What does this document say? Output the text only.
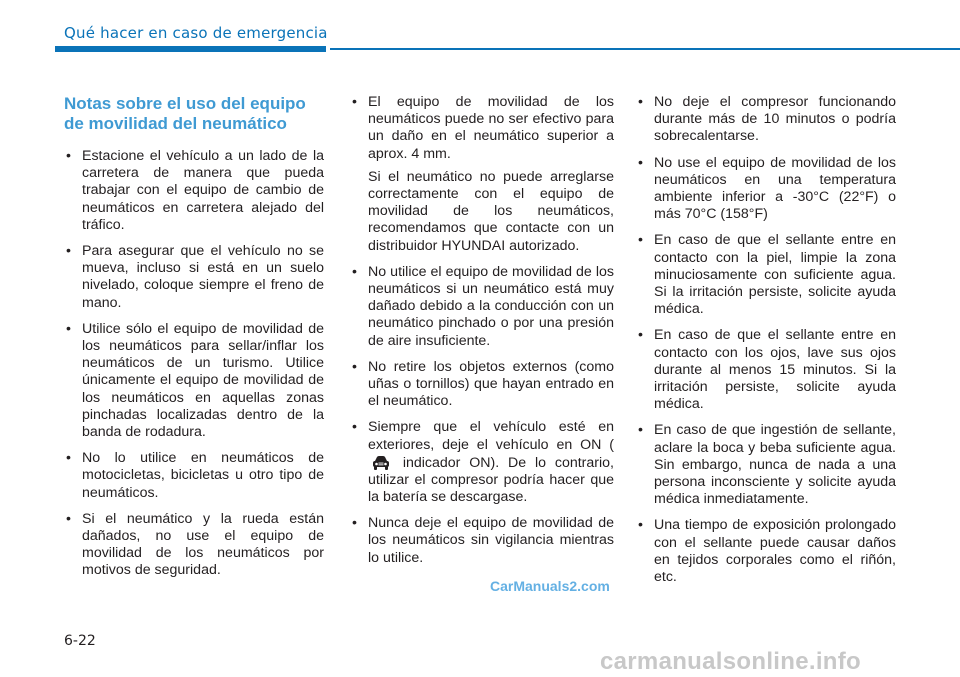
Qué hacer en caso de emergencia
Notas sobre el uso del equipo de movilidad del neumático
• Estacione el vehículo a un lado de la carretera de manera que pueda trabajar con el equipo de cambio de neumáticos en carretera alejado del tráfico.
• Para asegurar que el vehículo no se mueva, incluso si está en un suelo nivelado, coloque siempre el freno de mano.
• Utilice sólo el equipo de movilidad de los neumáticos para sellar/inflar los neumáticos de un turismo. Utilice únicamente el equipo de movilidad de los neumáticos en aquellas zonas pinchadas localizadas dentro de la banda de rodadura.
• No lo utilice en neumáticos de motocicletas, bicicletas u otro tipo de neumáticos.
• Si el neumático y la rueda están dañados, no use el equipo de movilidad de los neumáticos por motivos de seguridad.
• El equipo de movilidad de los neumáticos puede no ser efectivo para un daño en el neumático superior a aprox. 4 mm.

Si el neumático no puede arreglarse correctamente con el equipo de movilidad de los neumáticos, recomendamos que contacte con un distribuidor HYUNDAI autorizado.

• No utilice el equipo de movilidad de los neumáticos si un neumático está muy dañado debido a la conducción con un neumático pinchado o por una presión de aire insuficiente.
• No retire los objetos externos (como uñas o tornillos) que hayan entrado en el neumático.
• Siempre que el vehículo esté en exteriores, deje el vehículo en ON ( indicador ON). De lo contrario, utilizar el compresor podría hacer que la batería se descargase.
• Nunca deje el equipo de movilidad de los neumáticos sin vigilancia mientras lo utilice.
• No deje el compresor funcionando durante más de 10 minutos o podría sobrecalentarse.
• No use el equipo de movilidad de los neumáticos en una temperatura ambiente inferior a -30°C (22°F) o más 70°C (158°F)
• En caso de que el sellante entre en contacto con la piel, limpie la zona minuciosamente con suficiente agua. Si la irritación persiste, solicite ayuda médica.
• En caso de que el sellante entre en contacto con los ojos, lave sus ojos durante al menos 15 minutos. Si la irritación persiste, solicite ayuda médica.
• En caso de que ingestión de sellante, aclare la boca y beba suficiente agua. Sin embargo, nunca de nada a una persona inconsciente y solicite ayuda médica inmediatamente.
• Una tiempo de exposición prolongado con el sellante puede causar daños en tejidos corporales como el riñón, etc.
6-22
CarManuals2.com
carmanualsonline.info
